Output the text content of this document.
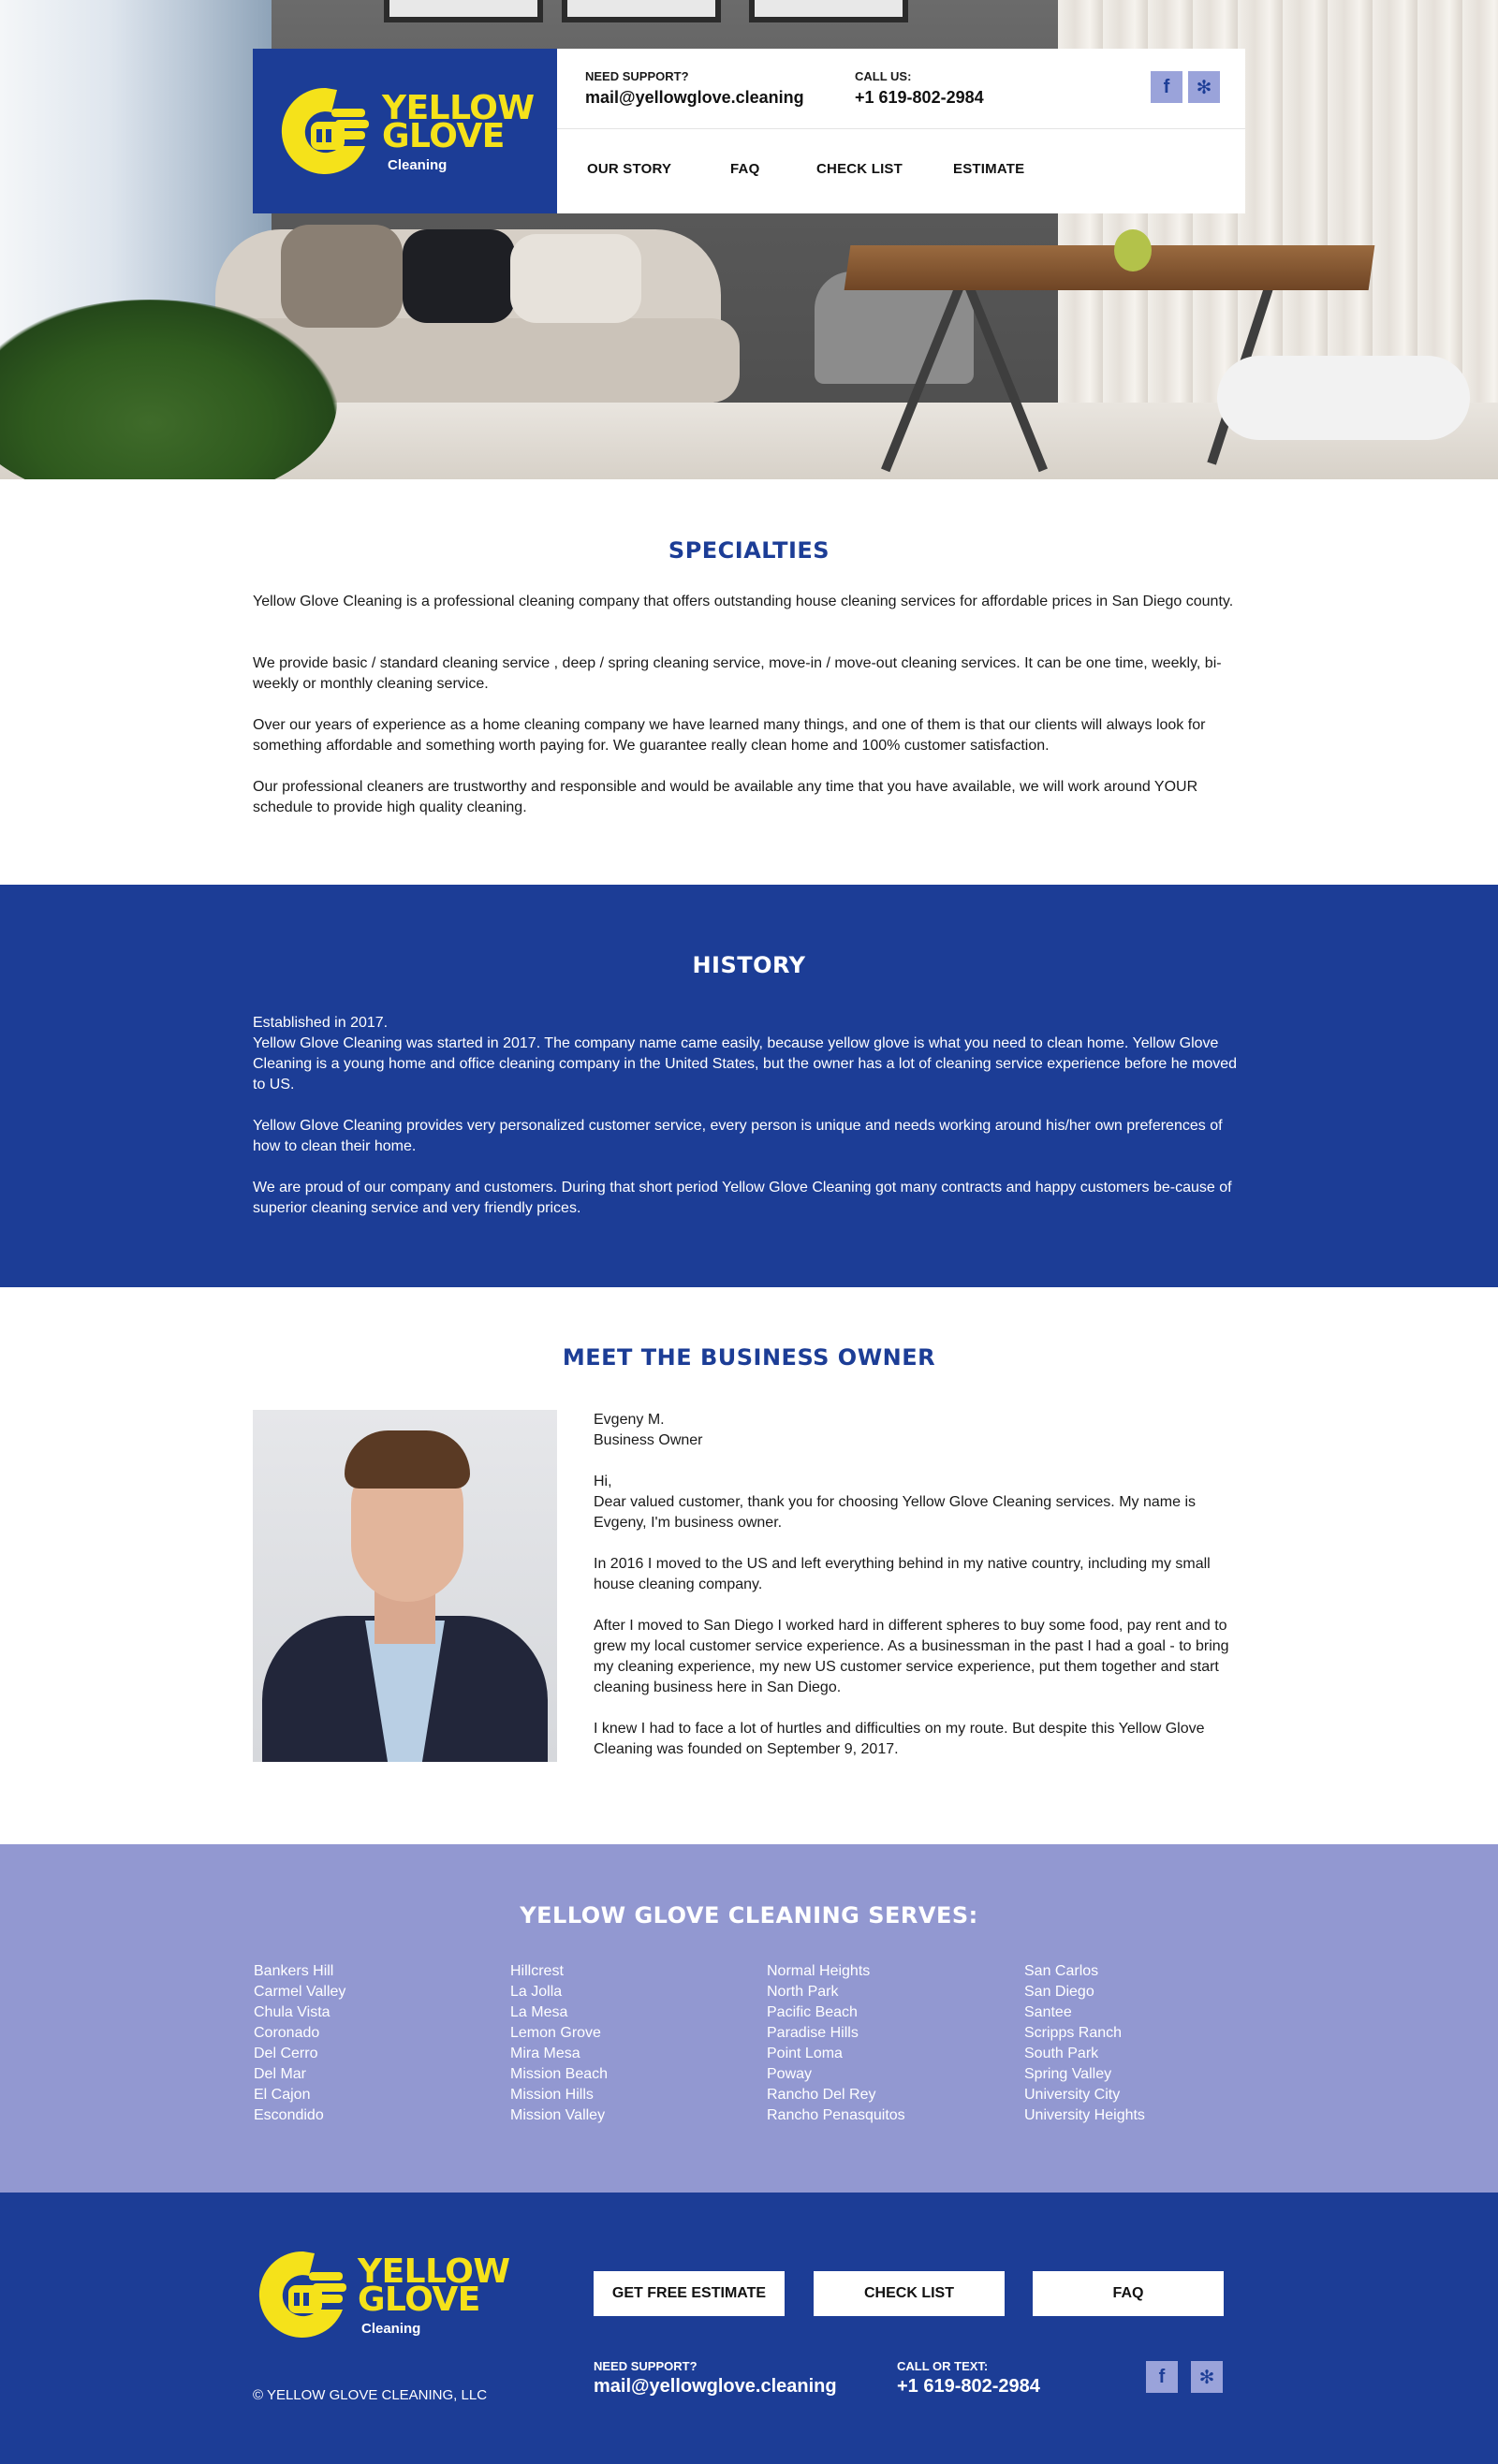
YELLOW
GLOVE
Cleaning
NEED SUPPORT?
mail@yellowglove.cleaning
CALL US:
+1 619-802-2984
f	✻
OUR STORY	FAQ	CHECK LIST	ESTIMATE
SPECIALTIES

Yellow Glove Cleaning is a professional cleaning company that offers outstanding house cleaning services for affordable prices in San Diego county.

We provide basic / standard cleaning service , deep / spring cleaning service, move-in / move-out cleaning services. It can be one time, weekly, bi-weekly or monthly cleaning service.

Over our years of experience as a home cleaning company we have learned many things, and one of them is that our clients will always look for something affordable and something worth paying for. We guarantee really clean home and 100% customer satisfaction.

Our professional cleaners are trustworthy and responsible and would be available any time that you have available, we will work around YOUR schedule to provide high quality cleaning.

HISTORY

Established in 2017.

Yellow Glove Cleaning was started in 2017. The company name came easily, because yellow glove is what you need to clean home. Yellow Glove Cleaning is a young home and office cleaning company in the United States, but the owner has a lot of cleaning service experience before he moved to US.

Yellow Glove Cleaning provides very personalized customer service, every person is unique and needs working around his/her own preferences of how to clean their home.

We are proud of our company and customers. During that short period Yellow Glove Cleaning got many contracts and happy customers be-cause of superior cleaning service and very friendly prices.

MEET THE BUSINESS OWNER

Evgeny M.

Business Owner

Hi,

Dear valued customer, thank you for choosing Yellow Glove Cleaning services. My name is Evgeny, I'm business owner.

In 2016 I moved to the US and left everything behind in my native country, including my small house cleaning company.

After I moved to San Diego I worked hard in different spheres to buy some food, pay rent and to grew my local customer service experience. As a businessman in the past I had a goal - to bring my cleaning experience, my new US customer service experience, put them together and start cleaning business here in San Diego.

I knew I had to face a lot of hurtles and difficulties on my route. But despite this Yellow Glove Cleaning was founded on September 9, 2017.

YELLOW GLOVE CLEANING SERVES:
Bankers Hill
Carmel Valley
Chula Vista
Coronado
Del Cerro
Del Mar
El Cajon
Escondido
Hillcrest
La Jolla
La Mesa
Lemon Grove
Mira Mesa
Mission Beach
Mission Hills
Mission Valley
Normal Heights
North Park
Pacific Beach
Paradise Hills
Point Loma
Poway
Rancho Del Rey
Rancho Penasquitos
San Carlos
San Diego
Santee
Scripps Ranch
South Park
Spring Valley
University City
University Heights
YELLOW
GLOVE
Cleaning
GET FREE ESTIMATE	CHECK LIST	FAQ
NEED SUPPORT?
mail@yellowglove.cleaning
CALL OR TEXT:
+1 619-802-2984	f	✻
© YELLOW GLOVE CLEANING, LLC
